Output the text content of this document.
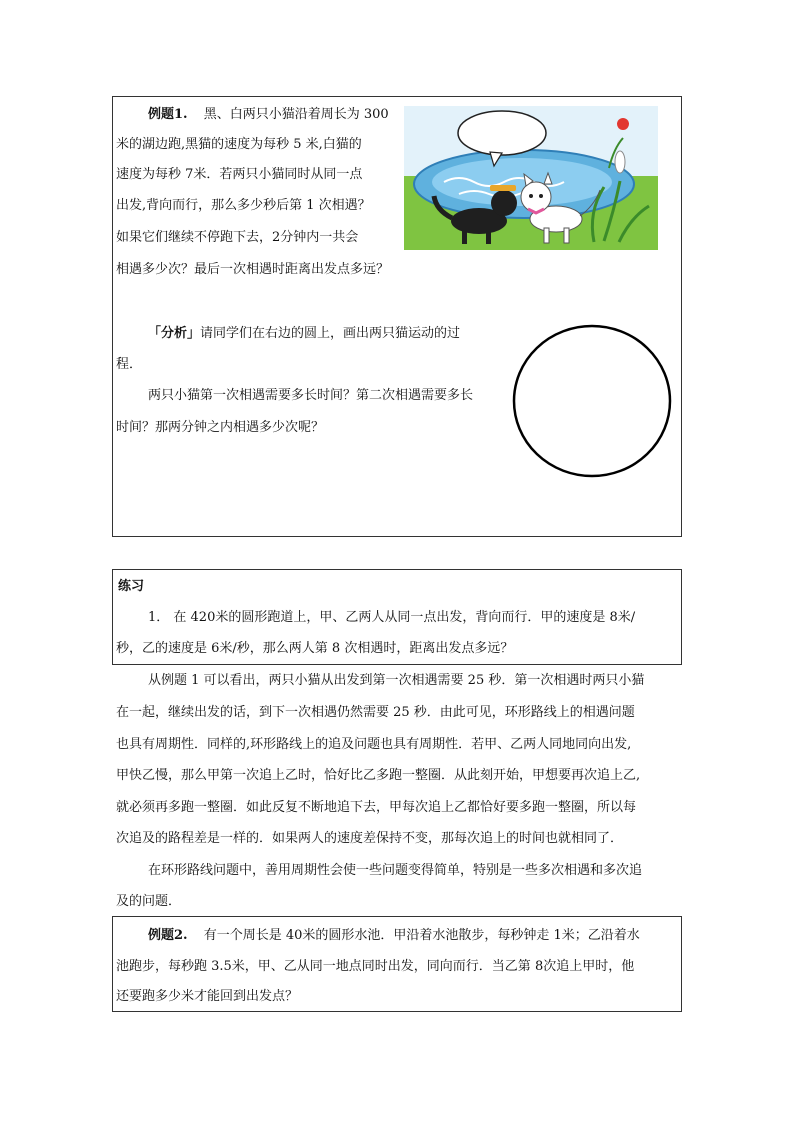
例题1. 黑、白两只小猫沿着周长为 300
米的湖边跑,黑猫的速度为每秒 5 米,白猫的
速度为每秒 7米．若两只小猫同时从同一点
出发,背向而行，那么多少秒后第 1 次相遇？
如果它们继续不停跑下去，2分钟内一共会
相遇多少次？最后一次相遇时距离出发点多远？
「分析」请同学们在右边的圆上，画出两只猫运动的过
程．
两只小猫第一次相遇需要多长时间？第二次相遇需要多长
时间？那两分钟之内相遇多少次呢？
练习
1． 在 420米的圆形跑道上，甲、乙两人从同一点出发，背向而行．甲的速度是 8米/
秒，乙的速度是 6米/秒，那么两人第 8 次相遇时，距离出发点多远？
从例题 1 可以看出，两只小猫从出发到第一次相遇需要 25 秒．第一次相遇时两只小猫
在一起，继续出发的话，到下一次相遇仍然需要 25 秒．由此可见，环形路线上的相遇问题
也具有周期性．同样的,环形路线上的追及问题也具有周期性．若甲、乙两人同地同向出发,
甲快乙慢，那么甲第一次追上乙时，恰好比乙多跑一整圈．从此刻开始，甲想要再次追上乙,
就必须再多跑一整圈．如此反复不断地追下去，甲每次追上乙都恰好要多跑一整圈，所以每
次追及的路程差是一样的．如果两人的速度差保持不变，那每次追上的时间也就相同了．
在环形路线问题中，善用周期性会使一些问题变得简单，特别是一些多次相遇和多次追
及的问题．
例题2. 有一个周长是 40米的圆形水池．甲沿着水池散步，每秒钟走 1米；乙沿着水
池跑步，每秒跑 3.5米，甲、乙从同一地点同时出发，同向而行．当乙第 8次追上甲时，他
还要跑多少米才能回到出发点？
